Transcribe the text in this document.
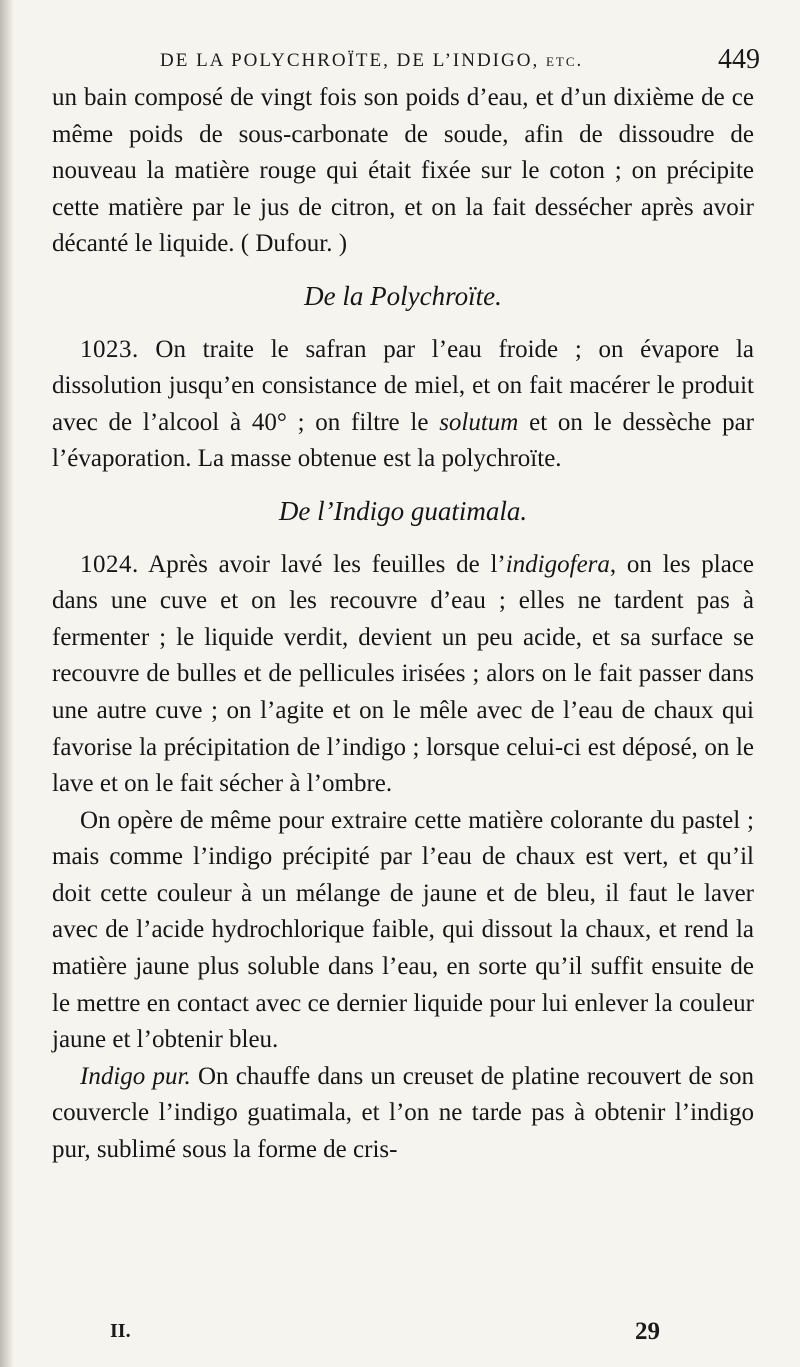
DE LA POLYCHROÏTE, DE L’INDIGO, etc.	449

un bain composé de vingt fois son poids d’eau, et d’un dixième de ce même poids de sous-carbonate de soude, afin de dissoudre de nouveau la matière rouge qui était fixée sur le coton ; on précipite cette matière par le jus de citron, et on la fait dessécher après avoir décanté le liquide. ( Dufour. )

De la Polychroïte.

1023. On traite le safran par l’eau froide ; on évapore la dissolution jusqu’en consistance de miel, et on fait macérer le produit avec de l’alcool à 40° ; on filtre le solutum et on le dessèche par l’évaporation. La masse obtenue est la polychroïte.

De l’Indigo guatimala.

1024. Après avoir lavé les feuilles de l’indigofera, on les place dans une cuve et on les recouvre d’eau ; elles ne tardent pas à fermenter ; le liquide verdit, devient un peu acide, et sa surface se recouvre de bulles et de pellicules irisées ; alors on le fait passer dans une autre cuve ; on l’agite et on le mêle avec de l’eau de chaux qui favorise la précipitation de l’indigo ; lorsque celui-ci est déposé, on le lave et on le fait sécher à l’ombre.

On opère de même pour extraire cette matière colorante du pastel ; mais comme l’indigo précipité par l’eau de chaux est vert, et qu’il doit cette couleur à un mélange de jaune et de bleu, il faut le laver avec de l’acide hydrochlorique faible, qui dissout la chaux, et rend la matière jaune plus soluble dans l’eau, en sorte qu’il suffit ensuite de le mettre en contact avec ce dernier liquide pour lui enlever la couleur jaune et l’obtenir bleu.

Indigo pur. On chauffe dans un creuset de platine recouvert de son couvercle l’indigo guatimala, et l’on ne tarde pas à obtenir l’indigo pur, sublimé sous la forme de cris-

II.	29
